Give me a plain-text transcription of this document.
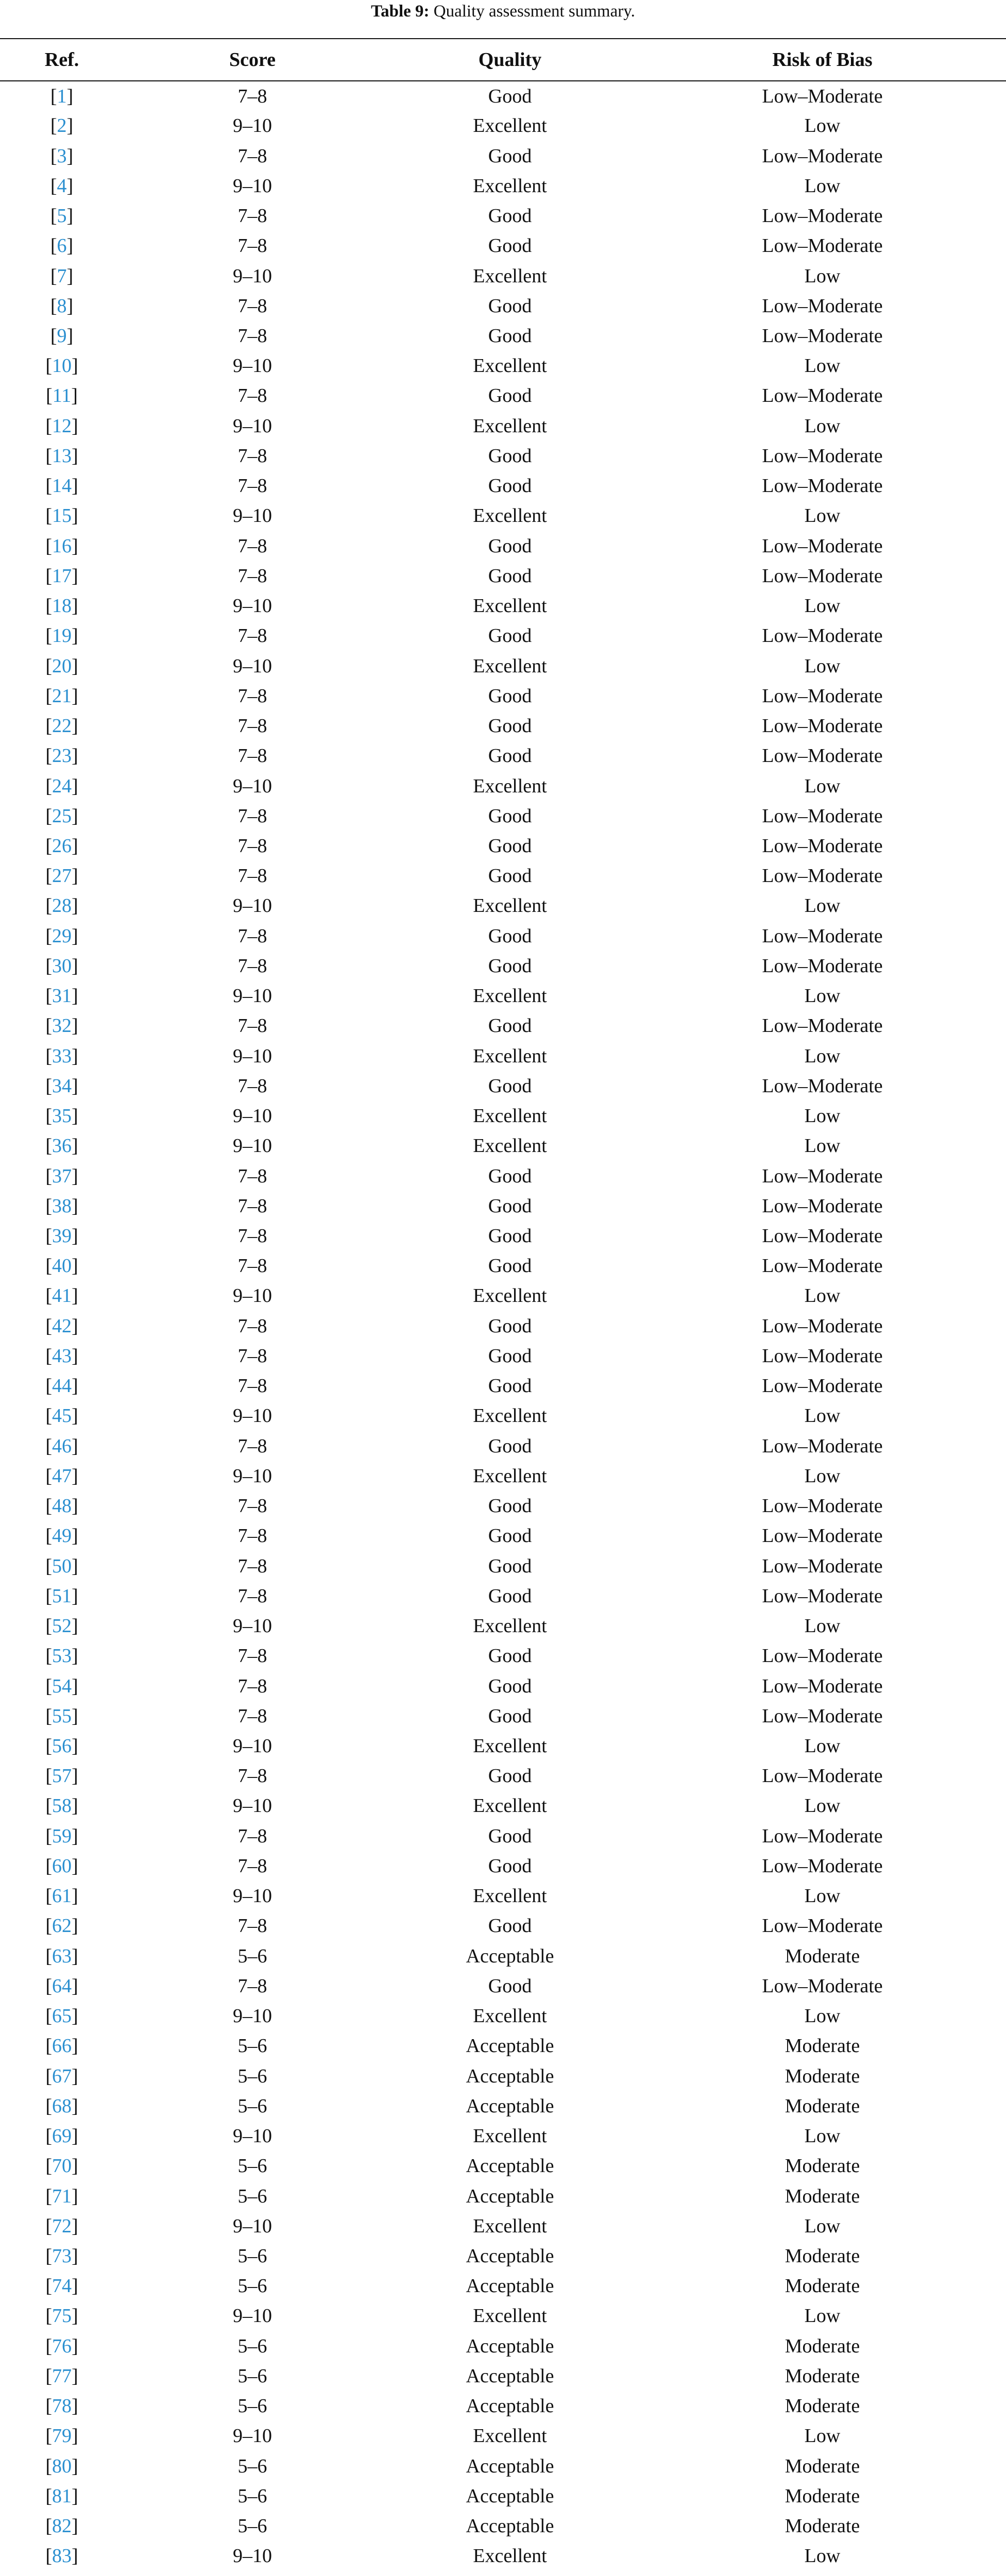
Table 9: Quality assessment summary.
Ref.	Score	Quality	Risk of Bias
[1]	7–8	Good	Low–Moderate
[2]	9–10	Excellent	Low
[3]	7–8	Good	Low–Moderate
[4]	9–10	Excellent	Low
[5]	7–8	Good	Low–Moderate
[6]	7–8	Good	Low–Moderate
[7]	9–10	Excellent	Low
[8]	7–8	Good	Low–Moderate
[9]	7–8	Good	Low–Moderate
[10]	9–10	Excellent	Low
[11]	7–8	Good	Low–Moderate
[12]	9–10	Excellent	Low
[13]	7–8	Good	Low–Moderate
[14]	7–8	Good	Low–Moderate
[15]	9–10	Excellent	Low
[16]	7–8	Good	Low–Moderate
[17]	7–8	Good	Low–Moderate
[18]	9–10	Excellent	Low
[19]	7–8	Good	Low–Moderate
[20]	9–10	Excellent	Low
[21]	7–8	Good	Low–Moderate
[22]	7–8	Good	Low–Moderate
[23]	7–8	Good	Low–Moderate
[24]	9–10	Excellent	Low
[25]	7–8	Good	Low–Moderate
[26]	7–8	Good	Low–Moderate
[27]	7–8	Good	Low–Moderate
[28]	9–10	Excellent	Low
[29]	7–8	Good	Low–Moderate
[30]	7–8	Good	Low–Moderate
[31]	9–10	Excellent	Low
[32]	7–8	Good	Low–Moderate
[33]	9–10	Excellent	Low
[34]	7–8	Good	Low–Moderate
[35]	9–10	Excellent	Low
[36]	9–10	Excellent	Low
[37]	7–8	Good	Low–Moderate
[38]	7–8	Good	Low–Moderate
[39]	7–8	Good	Low–Moderate
[40]	7–8	Good	Low–Moderate
[41]	9–10	Excellent	Low
[42]	7–8	Good	Low–Moderate
[43]	7–8	Good	Low–Moderate
[44]	7–8	Good	Low–Moderate
[45]	9–10	Excellent	Low
[46]	7–8	Good	Low–Moderate
[47]	9–10	Excellent	Low
[48]	7–8	Good	Low–Moderate
[49]	7–8	Good	Low–Moderate
[50]	7–8	Good	Low–Moderate
[51]	7–8	Good	Low–Moderate
[52]	9–10	Excellent	Low
[53]	7–8	Good	Low–Moderate
[54]	7–8	Good	Low–Moderate
[55]	7–8	Good	Low–Moderate
[56]	9–10	Excellent	Low
[57]	7–8	Good	Low–Moderate
[58]	9–10	Excellent	Low
[59]	7–8	Good	Low–Moderate
[60]	7–8	Good	Low–Moderate
[61]	9–10	Excellent	Low
[62]	7–8	Good	Low–Moderate
[63]	5–6	Acceptable	Moderate
[64]	7–8	Good	Low–Moderate
[65]	9–10	Excellent	Low
[66]	5–6	Acceptable	Moderate
[67]	5–6	Acceptable	Moderate
[68]	5–6	Acceptable	Moderate
[69]	9–10	Excellent	Low
[70]	5–6	Acceptable	Moderate
[71]	5–6	Acceptable	Moderate
[72]	9–10	Excellent	Low
[73]	5–6	Acceptable	Moderate
[74]	5–6	Acceptable	Moderate
[75]	9–10	Excellent	Low
[76]	5–6	Acceptable	Moderate
[77]	5–6	Acceptable	Moderate
[78]	5–6	Acceptable	Moderate
[79]	9–10	Excellent	Low
[80]	5–6	Acceptable	Moderate
[81]	5–6	Acceptable	Moderate
[82]	5–6	Acceptable	Moderate
[83]	9–10	Excellent	Low
